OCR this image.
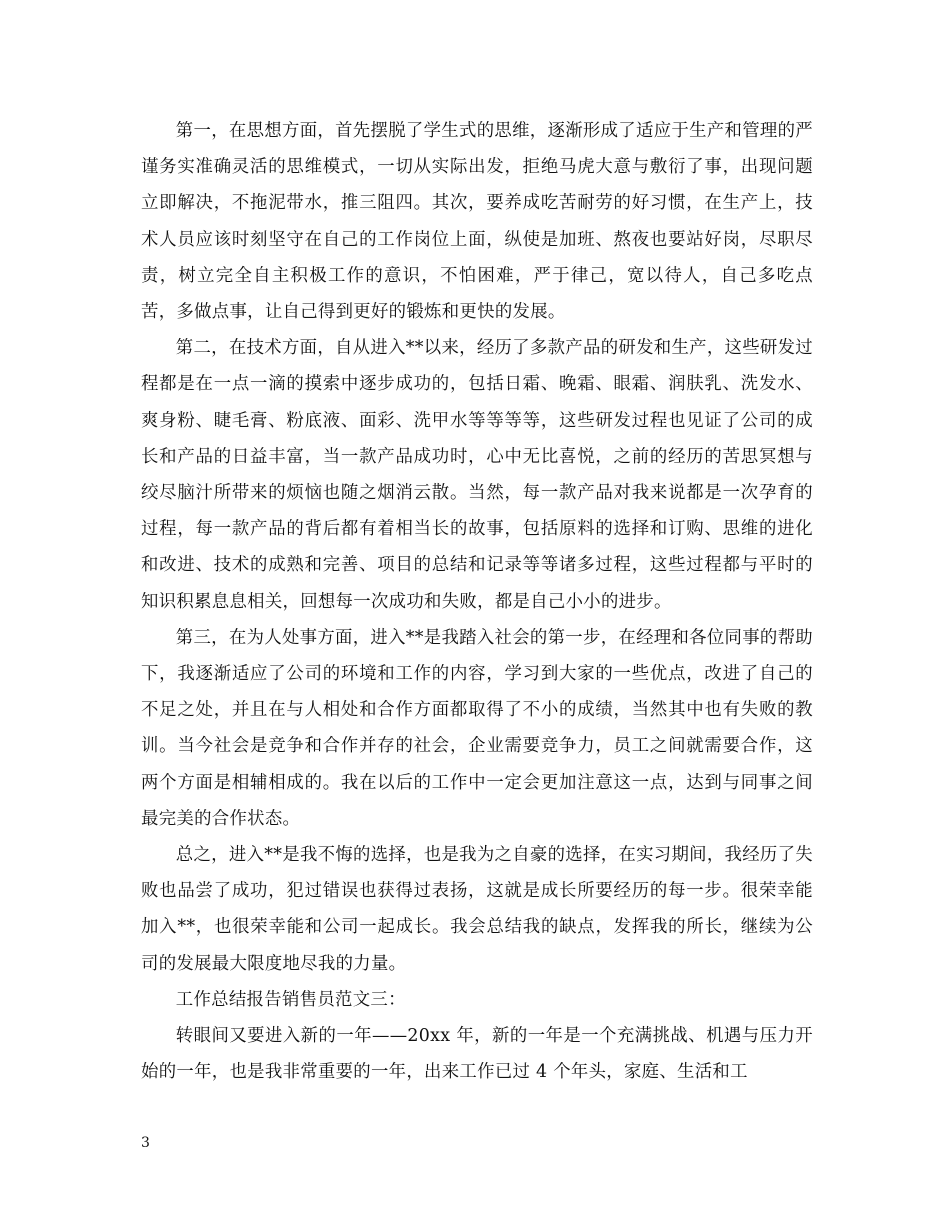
第一，在思想方面，首先摆脱了学生式的思维，逐渐形成了适应于生产和管理的严谨务实准确灵活的思维模式，一切从实际出发，拒绝马虎大意与敷衍了事，出现问题立即解决，不拖泥带水，推三阻四。其次，要养成吃苦耐劳的好习惯，在生产上，技术人员应该时刻坚守在自己的工作岗位上面，纵使是加班、熬夜也要站好岗，尽职尽责，树立完全自主积极工作的意识，不怕困难，严于律己，宽以待人，自己多吃点苦，多做点事，让自己得到更好的锻炼和更快的发展。

第二，在技术方面，自从进入**以来，经历了多款产品的研发和生产，这些研发过程都是在一点一滴的摸索中逐步成功的，包括日霜、晚霜、眼霜、润肤乳、洗发水、爽身粉、睫毛膏、粉底液、面彩、洗甲水等等等等，这些研发过程也见证了公司的成长和产品的日益丰富，当一款产品成功时，心中无比喜悦，之前的经历的苦思冥想与绞尽脑汁所带来的烦恼也随之烟消云散。当然，每一款产品对我来说都是一次孕育的过程，每一款产品的背后都有着相当长的故事，包括原料的选择和订购、思维的进化和改进、技术的成熟和完善、项目的总结和记录等等诸多过程，这些过程都与平时的知识积累息息相关，回想每一次成功和失败，都是自己小小的进步。

第三，在为人处事方面，进入**是我踏入社会的第一步，在经理和各位同事的帮助下，我逐渐适应了公司的环境和工作的内容，学习到大家的一些优点，改进了自己的不足之处，并且在与人相处和合作方面都取得了不小的成绩，当然其中也有失败的教训。当今社会是竞争和合作并存的社会，企业需要竞争力，员工之间就需要合作，这两个方面是相辅相成的。我在以后的工作中一定会更加注意这一点，达到与同事之间最完美的合作状态。

总之，进入**是我不悔的选择，也是我为之自豪的选择，在实习期间，我经历了失败也品尝了成功，犯过错误也获得过表扬，这就是成长所要经历的每一步。很荣幸能加入**，也很荣幸能和公司一起成长。我会总结我的缺点，发挥我的所长，继续为公司的发展最大限度地尽我的力量。

工作总结报告销售员范文三：

转眼间又要进入新的一年——20xx 年，新的一年是一个充满挑战、机遇与压力开始的一年，也是我非常重要的一年，出来工作已过 4 个年头，家庭、生活和工

3
